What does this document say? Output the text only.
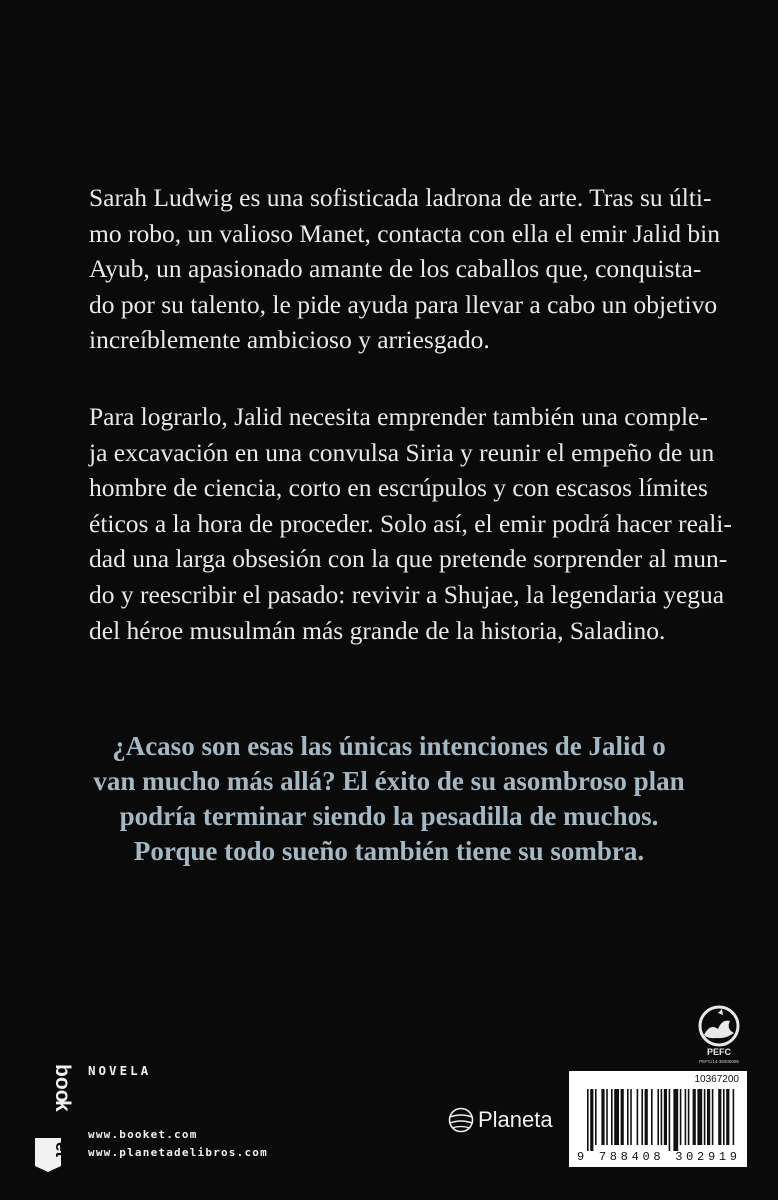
Sarah Ludwig es una sofisticada ladrona de arte. Tras su últi-
mo robo, un valioso Manet, contacta con ella el emir Jalid bin
Ayub, un apasionado amante de los caballos que, conquista-
do por su talento, le pide ayuda para llevar a cabo un objetivo
increíblemente ambicioso y arriesgado.
Para lograrlo, Jalid necesita emprender también una comple-
ja excavación en una convulsa Siria y reunir el empeño de un
hombre de ciencia, corto en escrúpulos y con escasos límites
éticos a la hora de proceder. Solo así, el emir podrá hacer reali-
dad una larga obsesión con la que pretende sorprender al mun-
do y reescribir el pasado: revivir a Shujae, la legendaria yegua
del héroe musulmán más grande de la historia, Saladino.
¿Acaso son esas las únicas intenciones de Jalid o
van mucho más allá? El éxito de su asombroso plan
podría terminar siendo la pesadilla de muchos.
Porque todo sueño también tiene su sombra.
PEFC
PEFC/14-38300005
boo
et
k
NOVELA
www.booket.com
www.planetadelibros.com
Planeta
10367200
9 788408 302919
